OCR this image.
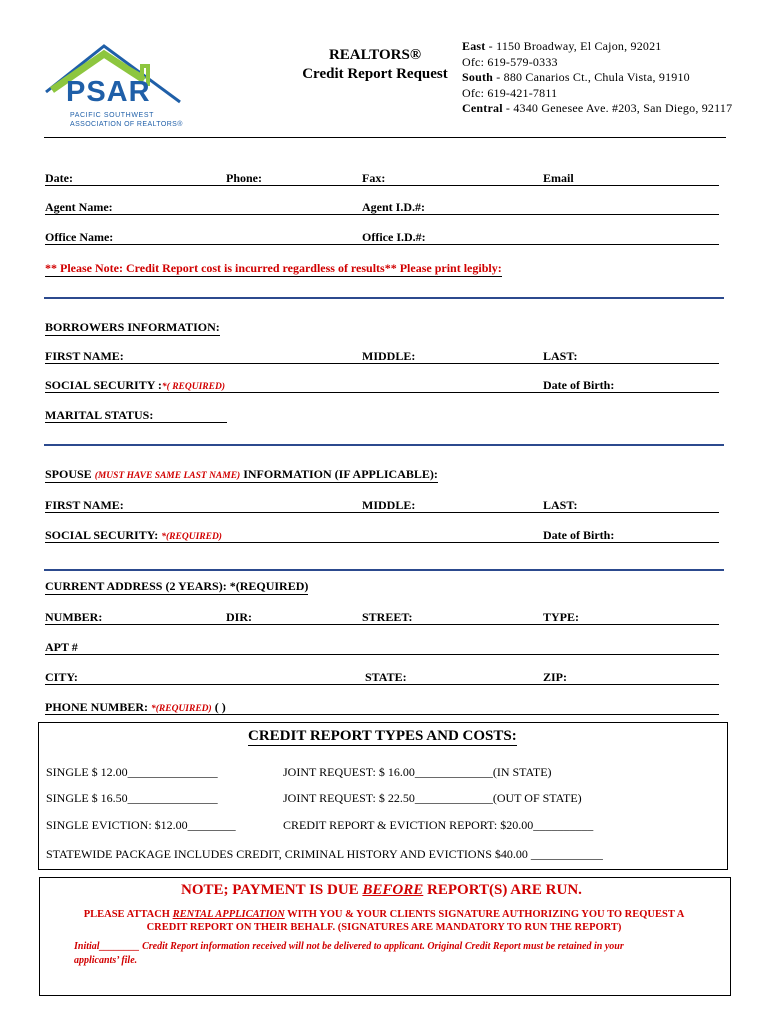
PSAR
PACIFIC SOUTHWEST
ASSOCIATION OF REALTORS®
REALTORS®
Credit Report Request
East - 1150 Broadway, El Cajon, 92021
Ofc: 619-579-0333
South - 880 Canarios Ct., Chula Vista, 91910
Ofc: 619-421-7811
Central - 4340 Genesee Ave. #203, San Diego, 92117
Date:	Phone:	Fax:	Email
Agent Name:	Agent I.D.#:
Office Name:	Office I.D.#:
** Please Note: Credit Report cost is incurred regardless of results** Please print legibly:
BORROWERS INFORMATION:
FIRST NAME:	MIDDLE:	LAST:
SOCIAL SECURITY :*( REQUIRED)	Date of Birth:
MARITAL STATUS:
SPOUSE (MUST HAVE SAME LAST NAME) INFORMATION (IF APPLICABLE):
FIRST NAME:	MIDDLE:	LAST:
SOCIAL SECURITY: *(REQUIRED)	Date of Birth:
CURRENT ADDRESS (2 YEARS): *(REQUIRED)
NUMBER:	DIR:	STREET:	TYPE:
APT #
CITY:	STATE:	ZIP:
PHONE NUMBER: *(REQUIRED) ( )
CREDIT REPORT TYPES AND COSTS:
SINGLE $ 12.00_______________	JOINT REQUEST: $ 16.00_____________(IN STATE)
SINGLE $ 16.50_______________	JOINT REQUEST: $ 22.50_____________(OUT OF STATE)
SINGLE EVICTION: $12.00________	CREDIT REPORT & EVICTION REPORT: $20.00__________
STATEWIDE PACKAGE INCLUDES CREDIT, CRIMINAL HISTORY AND EVICTIONS $40.00 ____________
NOTE; PAYMENT IS DUE BEFORE REPORT(S) ARE RUN.
PLEASE ATTACH RENTAL APPLICATION WITH YOU & YOUR CLIENTS SIGNATURE AUTHORIZING YOU TO REQUEST A
CREDIT REPORT ON THEIR BEHALF. (SIGNATURES ARE MANDATORY TO RUN THE REPORT)
Initial________ Credit Report information received will not be delivered to applicant. Original Credit Report must be retained in your
applicants’ file.
